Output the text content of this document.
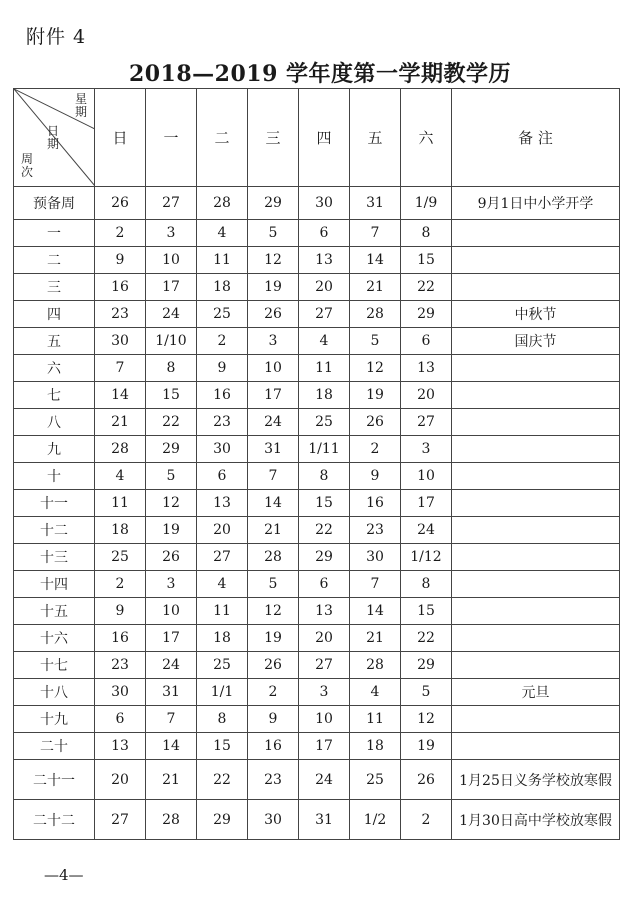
附件 4
2018—2019 学年度第一学期教学历
星期
日期
周次	日	一	二	三	四	五	六	备 注
预备周	26	27	28	29	30	31	1/9	9月1日中小学开学
一	2	3	4	5	6	7	8	
二	9	10	11	12	13	14	15	
三	16	17	18	19	20	21	22	
四	23	24	25	26	27	28	29	中秋节
五	30	1/10	2	3	4	5	6	国庆节
六	7	8	9	10	11	12	13	
七	14	15	16	17	18	19	20	
八	21	22	23	24	25	26	27	
九	28	29	30	31	1/11	2	3	
十	4	5	6	7	8	9	10	
十一	11	12	13	14	15	16	17	
十二	18	19	20	21	22	23	24	
十三	25	26	27	28	29	30	1/12	
十四	2	3	4	5	6	7	8	
十五	9	10	11	12	13	14	15	
十六	16	17	18	19	20	21	22	
十七	23	24	25	26	27	28	29	
十八	30	31	1/1	2	3	4	5	元旦
十九	6	7	8	9	10	11	12	
二十	13	14	15	16	17	18	19	
二十一	20	21	22	23	24	25	26	1月25日义务学校放寒假
二十二	27	28	29	30	31	1/2	2	1月30日高中学校放寒假
—4—
